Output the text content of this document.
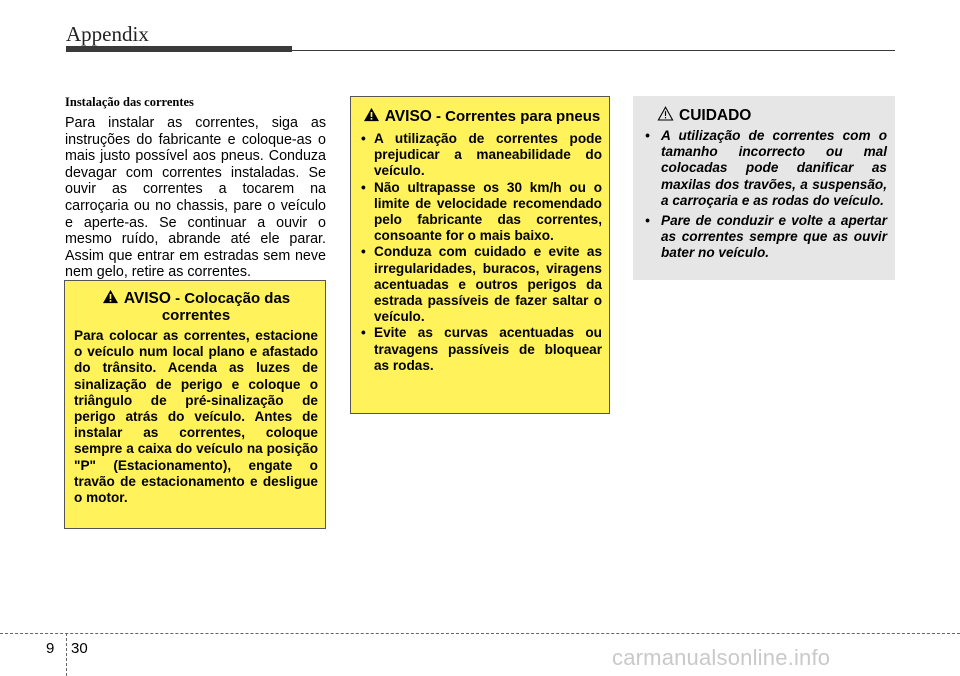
Appendix

Instalação das correntes

Para instalar as correntes, siga as instruções do fabricante e coloque-as o mais justo possível aos pneus. Conduza devagar com correntes instaladas. Se ouvir as correntes a tocarem na carroçaria ou no chassis, pare o veículo e aperte-as. Se continuar a ouvir o mesmo ruído, abrande até ele parar. Assim que entrar em estradas sem neve nem gelo, retire as correntes.

AVISO - Colocação das correntes

Para colocar as correntes, estacione o veículo num local plano e afastado do trânsito. Acenda as luzes de sinalização de perigo e coloque o triângulo de pré-sinalização de perigo atrás do veículo. Antes de instalar as correntes, coloque sempre a caixa do veículo na posição "P" (Estacionamento), engate o travão de estacionamento e desligue o motor.

AVISO - Correntes para pneus
• A utilização de correntes pode prejudicar a maneabilidade do veículo.
• Não ultrapasse os 30 km/h ou o limite de velocidade recomendado pelo fabricante das correntes, consoante for o mais baixo.
• Conduza com cuidado e evite as irregularidades, buracos, viragens acentuadas e outros perigos da estrada passíveis de fazer saltar o veículo.
• Evite as curvas acentuadas ou travagens passíveis de bloquear as rodas.
CUIDADO
• A utilização de correntes com o tamanho incorrecto ou mal colocadas pode danificar as maxilas dos travões, a suspensão, a carroçaria e as rodas do veículo.
• Pare de conduzir e volte a apertar as correntes sempre que as ouvir bater no veículo.
9 30	carmanualsonline.info
